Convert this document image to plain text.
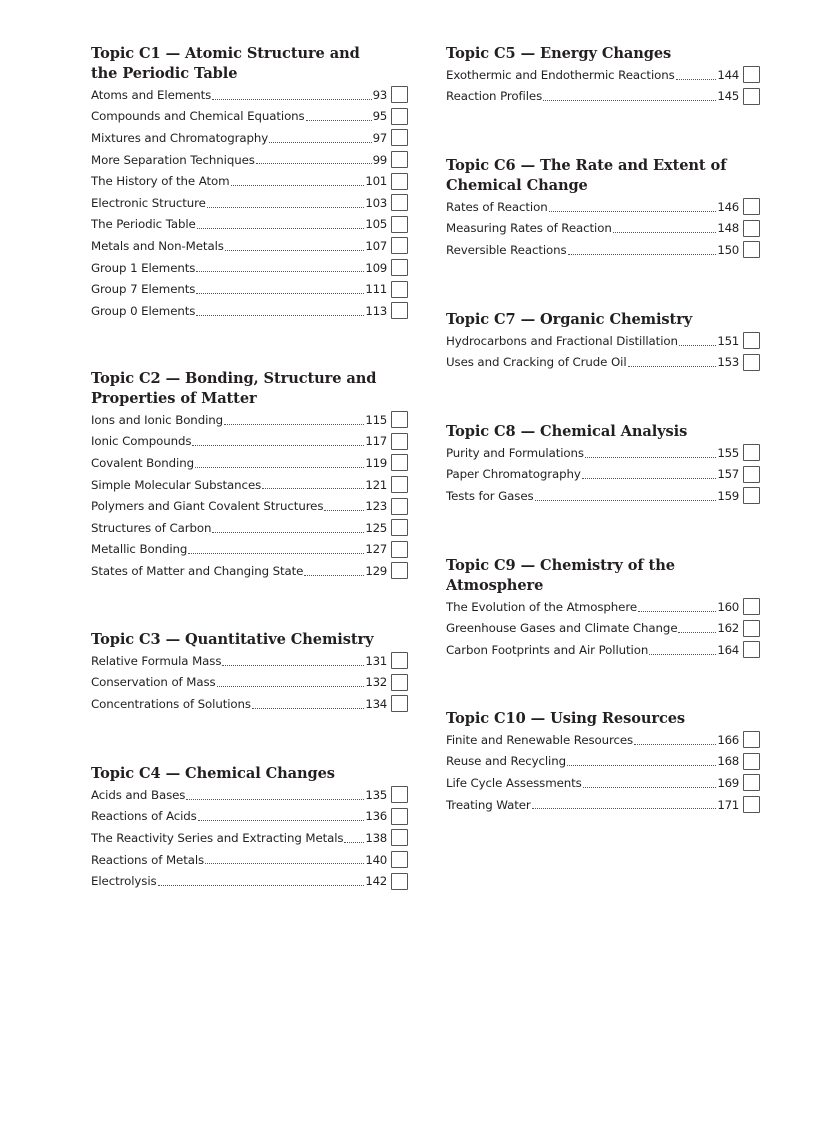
Topic C1 — Atomic Structure and the Periodic Table
Atoms and Elements	93
Compounds and Chemical Equations	95
Mixtures and Chromatography	97
More Separation Techniques	99
The History of the Atom	101
Electronic Structure	103
The Periodic Table	105
Metals and Non-Metals	107
Group 1 Elements	109
Group 7 Elements	111
Group 0 Elements	113
Topic C2 — Bonding, Structure and Properties of Matter
Ions and Ionic Bonding	115
Ionic Compounds	117
Covalent Bonding	119
Simple Molecular Substances	121
Polymers and Giant Covalent Structures	123
Structures of Carbon	125
Metallic Bonding	127
States of Matter and Changing State	129
Topic C3 — Quantitative Chemistry
Relative Formula Mass	131
Conservation of Mass	132
Concentrations of Solutions	134
Topic C4 — Chemical Changes
Acids and Bases	135
Reactions of Acids	136
The Reactivity Series and Extracting Metals 138
Reactions of Metals	140
Electrolysis	142
Topic C5 — Energy Changes
Exothermic and Endothermic Reactions	144
Reaction Profiles	145
Topic C6 — The Rate and Extent of Chemical Change
Rates of Reaction	146
Measuring Rates of Reaction	148
Reversible Reactions	150
Topic C7 — Organic Chemistry
Hydrocarbons and Fractional Distillation	151
Uses and Cracking of Crude Oil	153
Topic C8 — Chemical Analysis
Purity and Formulations	155
Paper Chromatography	157
Tests for Gases	159
Topic C9 — Chemistry of the Atmosphere
The Evolution of the Atmosphere	160
Greenhouse Gases and Climate Change	162
Carbon Footprints and Air Pollution	164
Topic C10 — Using Resources
Finite and Renewable Resources	166
Reuse and Recycling	168
Life Cycle Assessments	169
Treating Water	171
